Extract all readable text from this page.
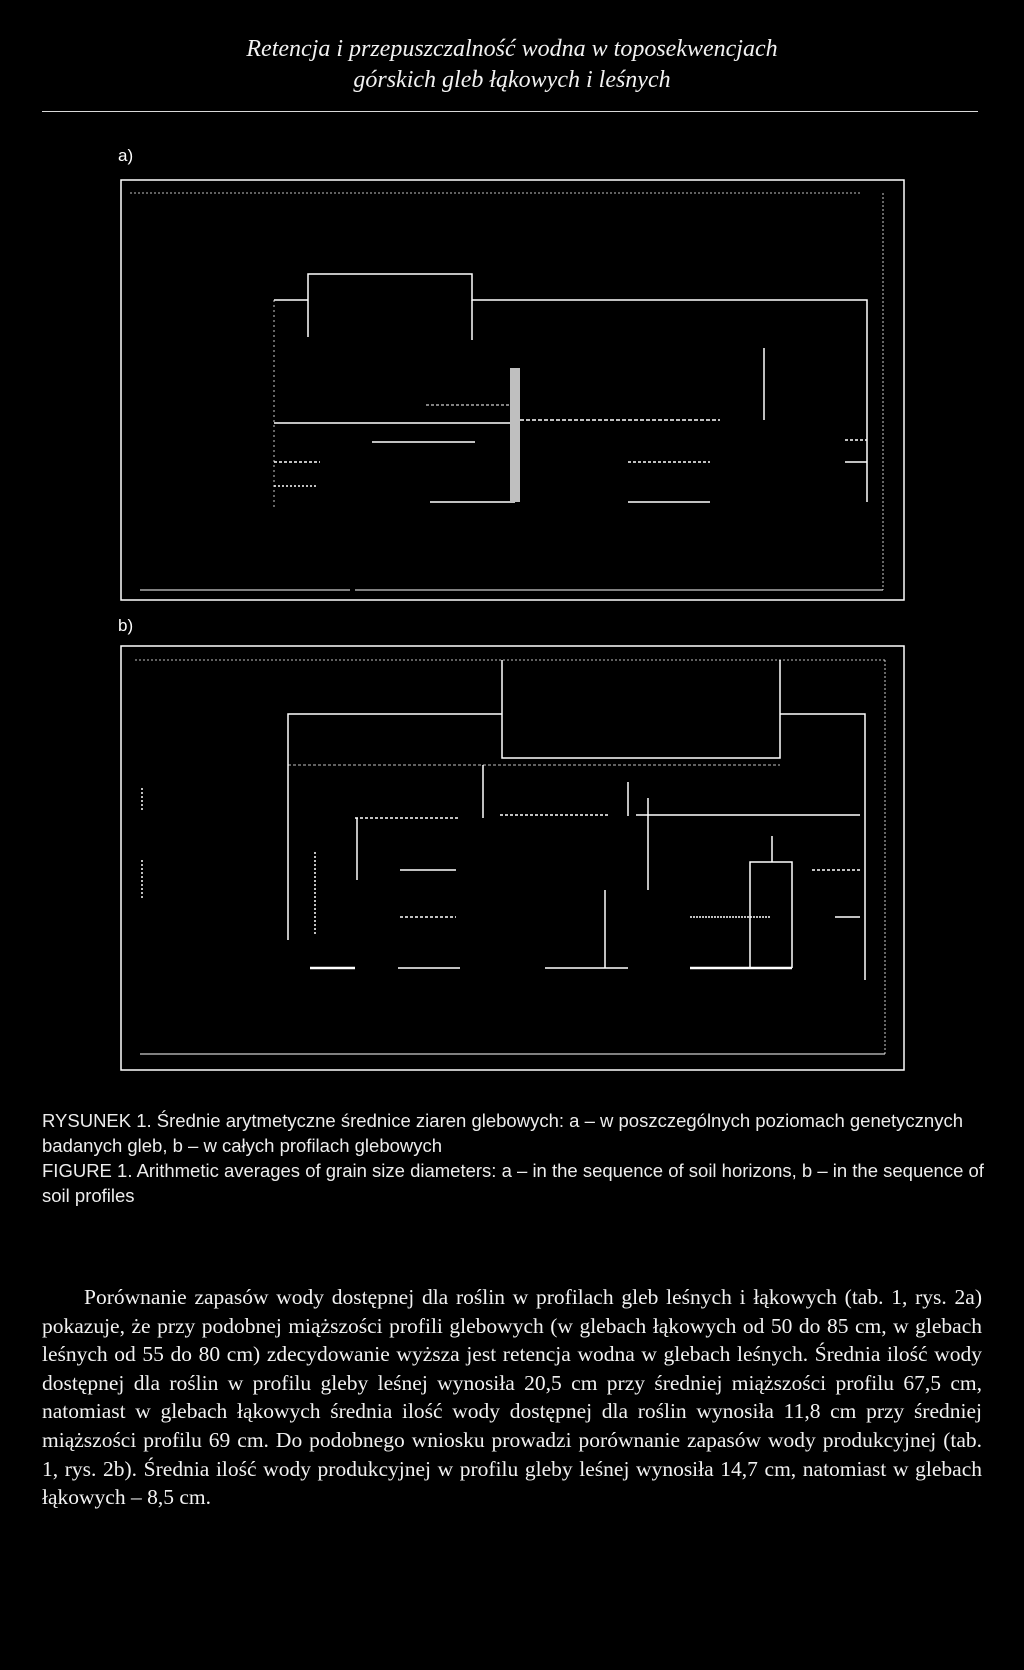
Retencja i przepuszczalność wodna w toposekwencjach
górskich gleb łąkowych i leśnych
a)
b)
RYSUNEK 1. Średnie arytmetyczne średnice ziaren glebowych: a – w poszczególnych poziomach genetycznych badanych gleb, b – w całych profilach glebowych
FIGURE 1. Arithmetic averages of grain size diameters: a – in the sequence of soil horizons, b – in the sequence of soil profiles

Porównanie zapasów wody dostępnej dla roślin w profilach gleb leśnych i łąkowych (tab. 1, rys. 2a) pokazuje, że przy podobnej miąższości profili glebowych (w glebach łąkowych od 50 do 85 cm, w glebach leśnych od 55 do 80 cm) zdecydowanie wyższa jest retencja wodna w glebach leśnych. Średnia ilość wody dostępnej dla roślin w profilu gleby leśnej wynosiła 20,5 cm przy średniej miąższości profilu 67,5 cm, natomiast w glebach łąkowych średnia ilość wody dostępnej dla roślin wynosiła 11,8 cm przy średniej miąższości profilu 69 cm. Do podobnego wniosku prowadzi porównanie zapasów wody produkcyjnej (tab. 1, rys. 2b). Średnia ilość wody produkcyjnej w profilu gleby leśnej wynosiła 14,7 cm, natomiast w glebach łąkowych – 8,5 cm.
